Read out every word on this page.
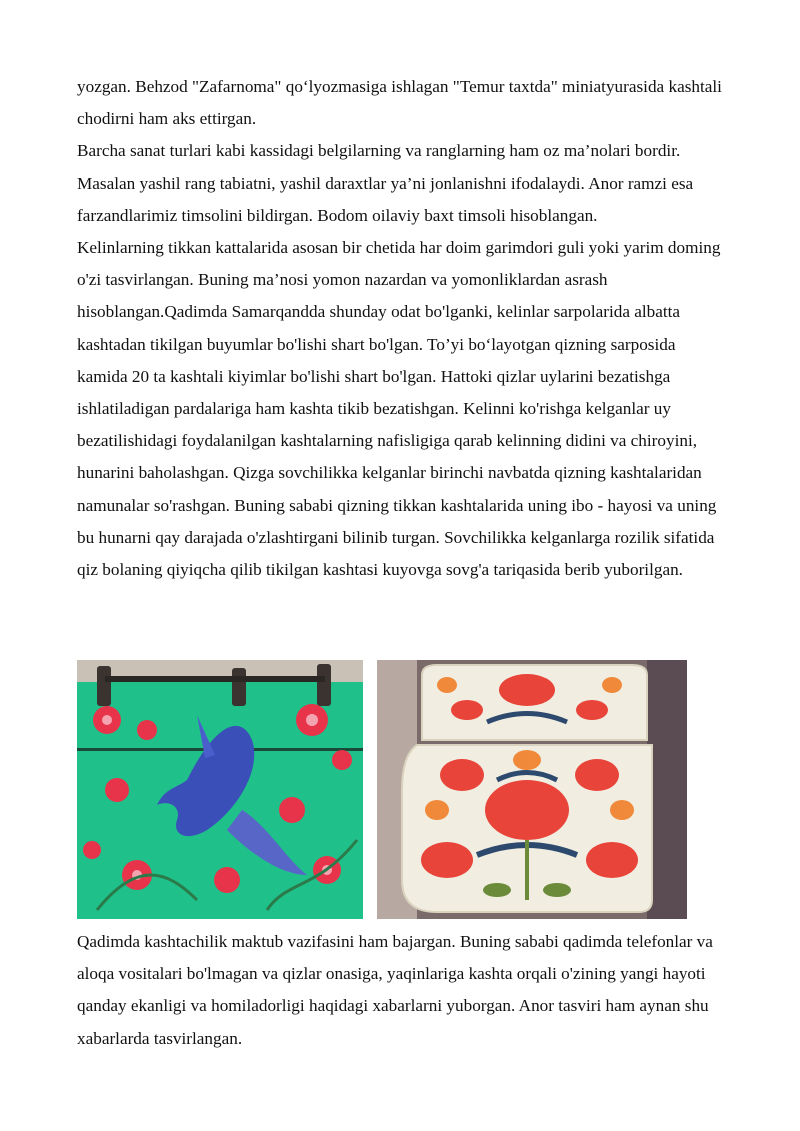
yozgan. Behzod "Zafarnoma" qo‘lyozmasiga ishlagan "Temur taxtda" miniatyurasida kashtali chodirni ham aks ettirgan.

Barcha sanat turlari kabi kassidagi belgilarning va ranglarning ham oz ma’nolari bordir. Masalan yashil rang tabiatni, yashil daraxtlar ya’ni jonlanishni ifodalaydi. Anor ramzi esa farzandlarimiz timsolini bildirgan. Bodom oilaviy baxt timsoli hisoblangan.

Kelinlarning tikkan kattalarida asosan bir chetida har doim garimdori guli yoki yarim doming o'zi tasvirlangan. Buning ma’nosi yomon nazardan va yomonliklardan asrash hisoblangan.Qadimda Samarqandda shunday odat bo'lganki, kelinlar sarpolarida albatta kashtadan tikilgan buyumlar bo'lishi shart bo'lgan. To’yi bo‘layotgan qizning sarposida kamida 20 ta kashtali kiyimlar bo'lishi shart bo'lgan. Hattoki qizlar uylarini bezatishga ishlatiladigan pardalariga ham kashta tikib bezatishgan. Kelinni ko'rishga kelganlar uy bezatilishidagi foydalanilgan kashtalarning nafisligiga qarab kelinning didini va chiroyini, hunarini baholashgan. Qizga sovchilikka kelganlar birinchi navbatda qizning kashtalaridan namunalar so'rashgan. Buning sababi qizning tikkan kashtalarida uning ibo - hayosi va uning bu hunarni qay darajada o'zlashtirgani bilinib turgan. Sovchilikka kelganlarga rozilik sifatida qiz bolaning qiyiqcha qilib tikilgan kashtasi kuyovga sovg'a tariqasida berib yuborilgan.

Qadimda kashtachilik maktub vazifasini ham bajargan. Buning sababi qadimda telefonlar va aloqa vositalari bo'lmagan va qizlar onasiga, yaqinlariga kashta orqali o'zining yangi hayoti qanday ekanligi va homiladorligi haqidagi xabarlarni yuborgan. Anor tasviri ham aynan shu xabarlarda tasvirlangan.
